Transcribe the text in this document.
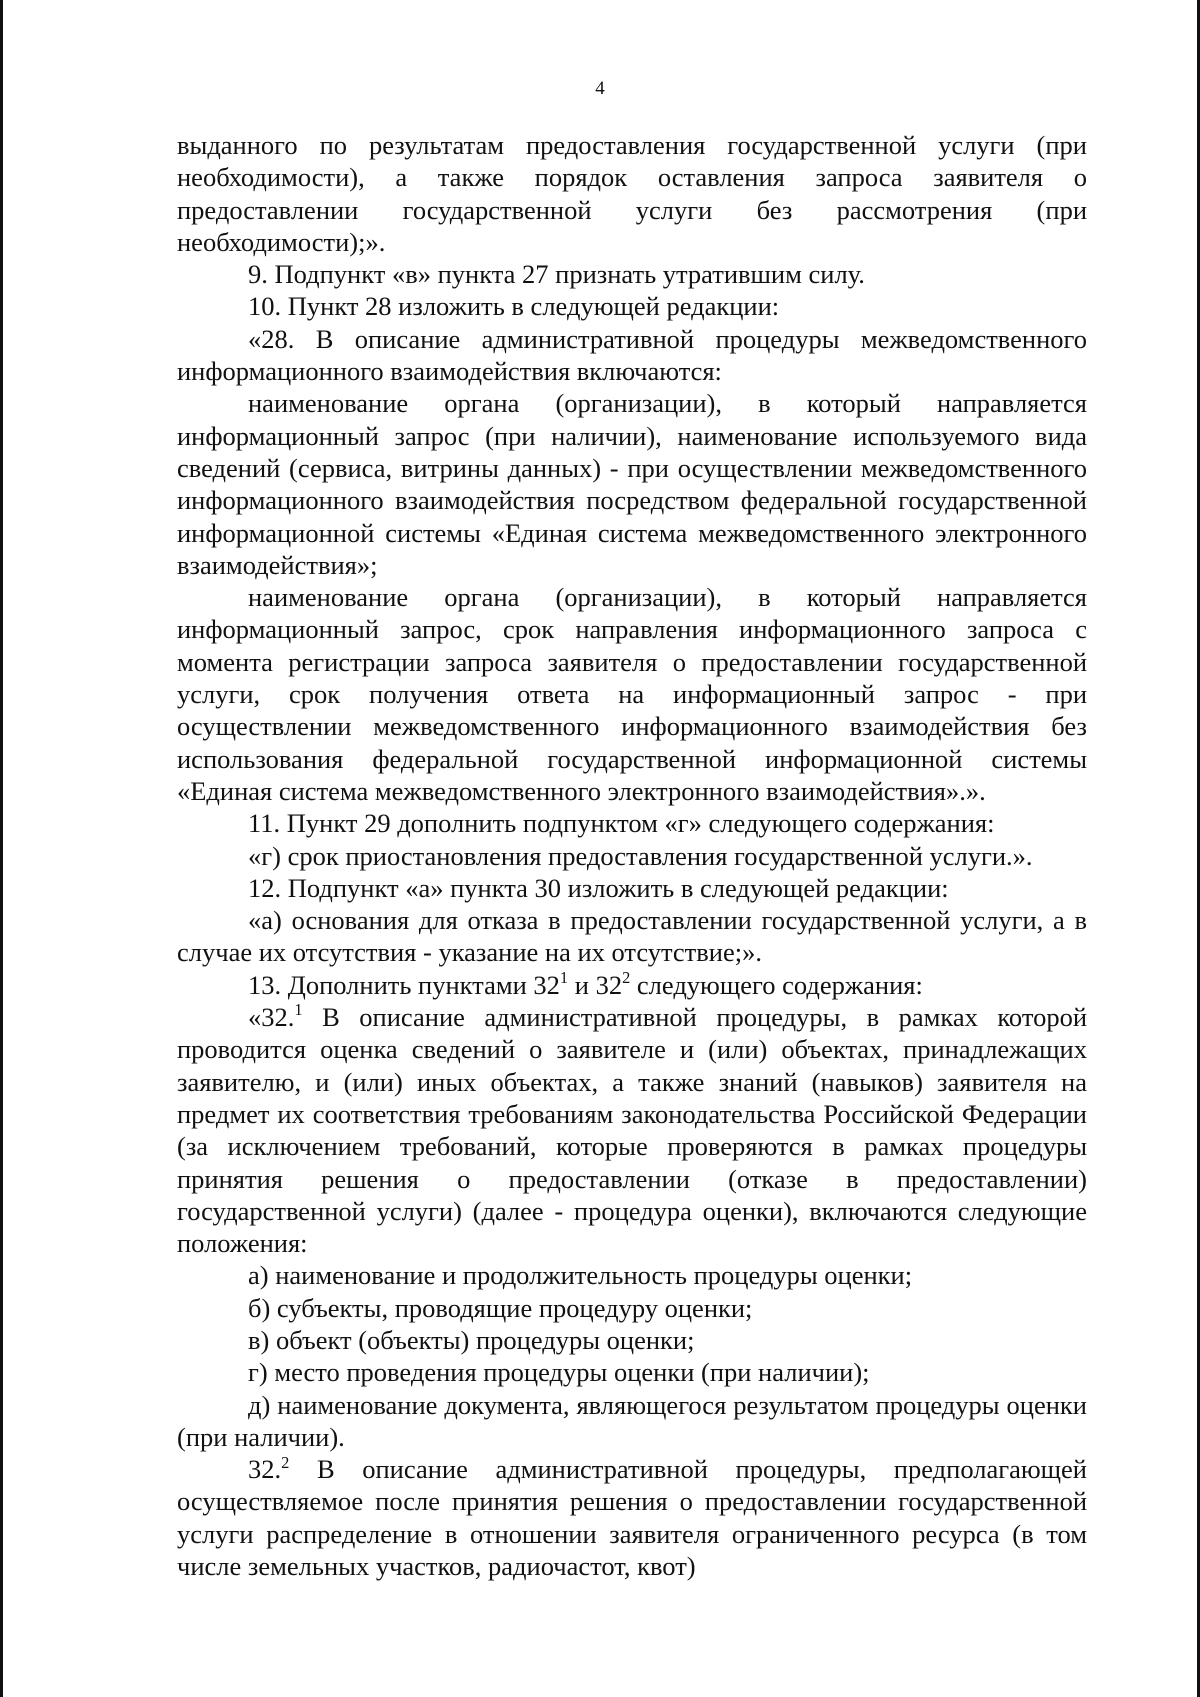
4

выданного по результатам предоставления государственной услуги (при необходимости), а также порядок оставления запроса заявителя о предоставлении государственной услуги без рассмотрения (при необходимости);».

9. Подпункт «в» пункта 27 признать утратившим силу.

10. Пункт 28 изложить в следующей редакции:

«28. В описание административной процедуры межведомственного информационного взаимодействия включаются:

наименование органа (организации), в который направляется информационный запрос (при наличии), наименование используемого вида сведений (сервиса, витрины данных) - при осуществлении межведомственного информационного взаимодействия посредством федеральной государственной информационной системы «Единая система межведомственного электронного взаимодействия»;

наименование органа (организации), в который направляется информационный запрос, срок направления информационного запроса с момента регистрации запроса заявителя о предоставлении государственной услуги, срок получения ответа на информационный запрос - при осуществлении межведомственного информационного взаимодействия без использования федеральной государственной информационной системы «Единая система межведомственного электронного взаимодействия».».

11. Пункт 29 дополнить подпунктом «г» следующего содержания:

«г) срок приостановления предоставления государственной услуги.».

12. Подпункт «а» пункта 30 изложить в следующей редакции:

«а) основания для отказа в предоставлении государственной услуги, а в случае их отсутствия - указание на их отсутствие;».

13. Дополнить пунктами $32^1$ и $32^2$ следующего содержания:

«32.$^1$ В описание административной процедуры, в рамках которой проводится оценка сведений о заявителе и (или) объектах, принадлежащих заявителю, и (или) иных объектах, а также знаний (навыков) заявителя на предмет их соответствия требованиям законодательства Российской Федерации (за исключением требований, которые проверяются в рамках процедуры принятия решения о предоставлении (отказе в предоставлении) государственной услуги) (далее - процедура оценки), включаются следующие положения:

а) наименование и продолжительность процедуры оценки;

б) субъекты, проводящие процедуру оценки;

в) объект (объекты) процедуры оценки;

г) место проведения процедуры оценки (при наличии);

д) наименование документа, являющегося результатом процедуры оценки (при наличии).

32.$^2$ В описание административной процедуры, предполагающей осуществляемое после принятия решения о предоставлении государственной услуги распределение в отношении заявителя ограниченного ресурса (в том числе земельных участков, радиочастот, квот)
